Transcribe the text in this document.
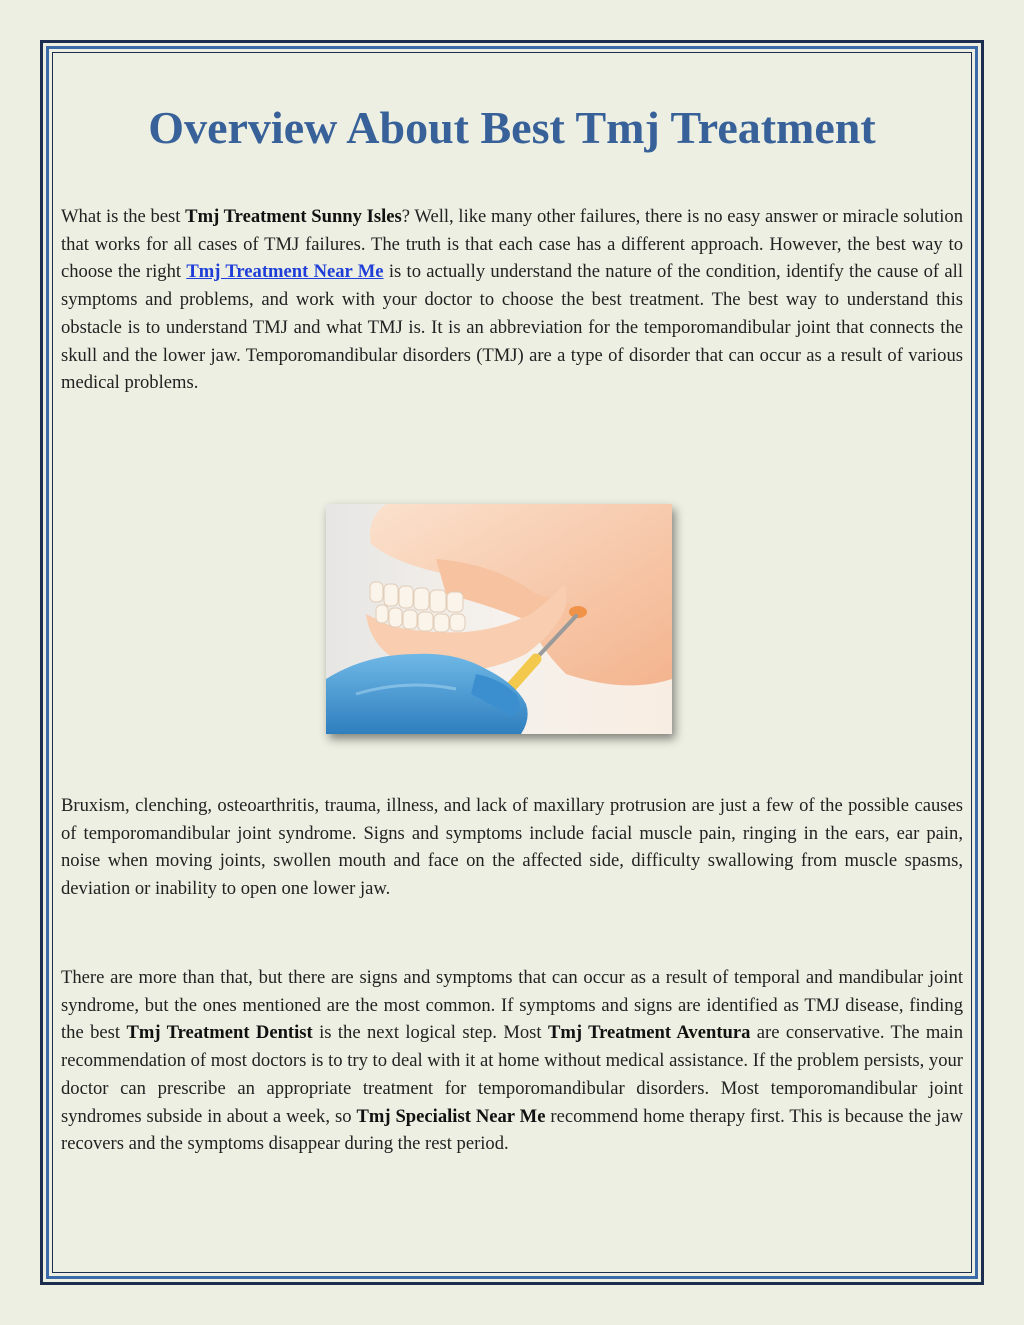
Overview About Best Tmj Treatment

What is the best Tmj Treatment Sunny Isles? Well, like many other failures, there is no easy answer or miracle solution that works for all cases of TMJ failures. The truth is that each case has a different approach. However, the best way to choose the right Tmj Treatment Near Me is to actually understand the nature of the condition, identify the cause of all symptoms and problems, and work with your doctor to choose the best treatment. The best way to understand this obstacle is to understand TMJ and what TMJ is. It is an abbreviation for the temporomandibular joint that connects the skull and the lower jaw. Temporomandibular disorders (TMJ) are a type of disorder that can occur as a result of various medical problems.

Bruxism, clenching, osteoarthritis, trauma, illness, and lack of maxillary protrusion are just a few of the possible causes of temporomandibular joint syndrome. Signs and symptoms include facial muscle pain, ringing in the ears, ear pain, noise when moving joints, swollen mouth and face on the affected side, difficulty swallowing from muscle spasms, deviation or inability to open one lower jaw.

There are more than that, but there are signs and symptoms that can occur as a result of temporal and mandibular joint syndrome, but the ones mentioned are the most common. If symptoms and signs are identified as TMJ disease, finding the best Tmj Treatment Dentist is the next logical step. Most Tmj Treatment Aventura are conservative. The main recommendation of most doctors is to try to deal with it at home without medical assistance. If the problem persists, your doctor can prescribe an appropriate treatment for temporomandibular disorders. Most temporomandibular joint syndromes subside in about a week, so Tmj Specialist Near Me recommend home therapy first. This is because the jaw recovers and the symptoms disappear during the rest period.
